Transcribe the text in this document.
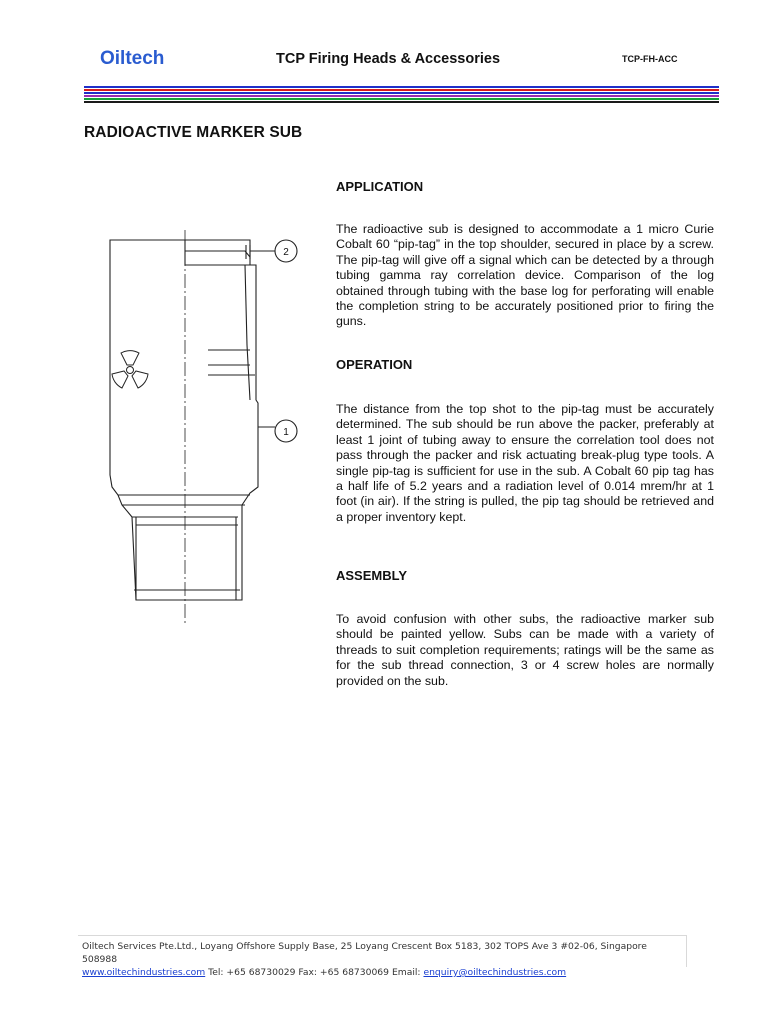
Oiltech	TCP Firing Heads & Accessories	TCP-FH-ACC
RADIOACTIVE MARKER SUB
2
1
APPLICATION

The radioactive sub is designed to accommodate a 1 micro Curie Cobalt 60 “pip-tag” in the top shoulder, secured in place by a screw. The pip-tag will give off a signal which can be detected by a through tubing gamma ray correlation device. Comparison of the log obtained through tubing with the base log for perforating will enable the completion string to be accurately positioned prior to firing the guns.

OPERATION

The distance from the top shot to the pip-tag must be accurately determined. The sub should be run above the packer, preferably at least 1 joint of tubing away to ensure the correlation tool does not pass through the packer and risk actuating break-plug type tools. A single pip-tag is sufficient for use in the sub. A Cobalt 60 pip tag has a half life of 5.2 years and a radiation level of 0.014 mrem/hr at 1 foot (in air). If the string is pulled, the pip tag should be retrieved and a proper inventory kept.

ASSEMBLY

To avoid confusion with other subs, the radioactive marker sub should be painted yellow. Subs can be made with a variety of threads to suit completion requirements; ratings will be the same as for the sub thread connection, 3 or 4 screw holes are normally provided on the sub.

Oiltech Services Pte.Ltd., Loyang Offshore Supply Base, 25 Loyang Crescent Box 5183, 302 TOPS Ave 3 #02-06, Singapore 508988
www.oiltechindustries.com Tel: +65 68730029 Fax: +65 68730069 Email: enquiry@oiltechindustries.com
